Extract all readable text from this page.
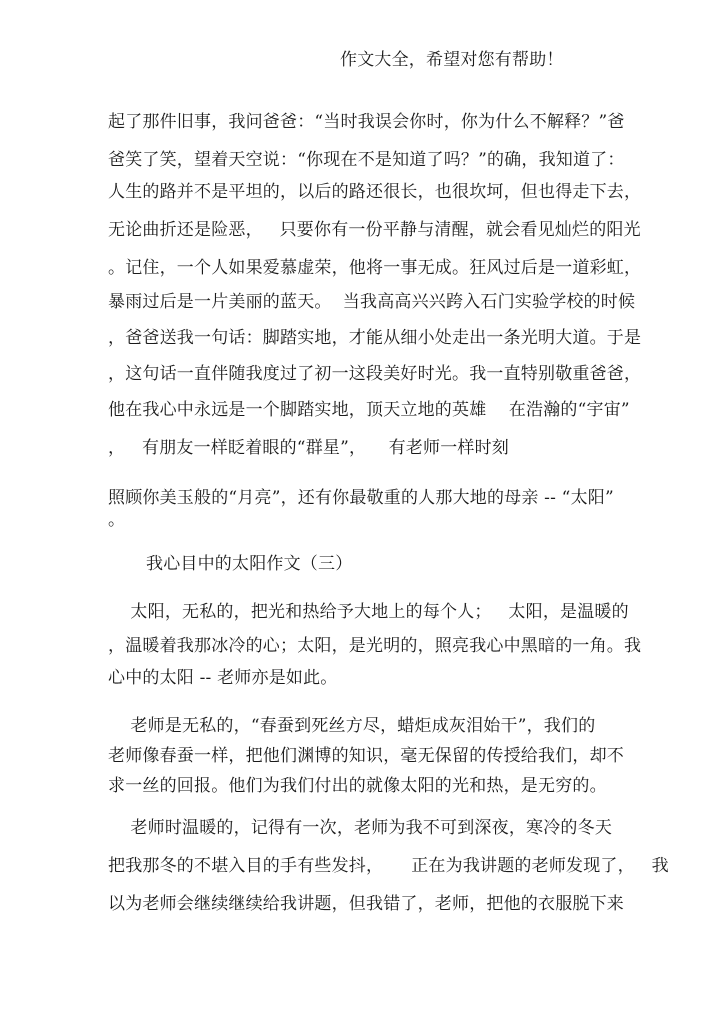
作文大全，希望对您有帮助！
起了那件旧事，我问爸爸：“当时我误会你时，你为什么不解释？”爸
爸笑了笑，望着天空说：“你现在不是知道了吗？”的确，我知道了：
人生的路并不是平坦的，以后的路还很长，也很坎坷，但也得走下去，
无论曲折还是险恶，   只要你有一份平静与清醒，就会看见灿烂的阳光
。记住，一个人如果爱慕虚荣，他将一事无成。狂风过后是一道彩虹，
暴雨过后是一片美丽的蓝天。  当我高高兴兴跨入石门实验学校的时候
，爸爸送我一句话：脚踏实地，才能从细小处走出一条光明大道。于是
，这句话一直伴随我度过了初一这段美好时光。我一直特别敬重爸爸，
他在我心中永远是一个脚踏实地，顶天立地的英雄    在浩瀚的“宇宙”
，   有朋友一样眨着眼的“群星”，    有老师一样时刻
照顾你美玉般的“月亮”，还有你最敬重的人那大地的母亲 -- “太阳”
。
我心目中的太阳作文（三）
太阳，无私的，把光和热给予大地上的每个人；   太阳，是温暖的
，温暖着我那冰冷的心；太阳，是光明的，照亮我心中黑暗的一角。我
心中的太阳 -- 老师亦是如此。
老师是无私的，“春蚕到死丝方尽，蜡炬成灰泪始干”，我们的
老师像春蚕一样，把他们渊博的知识，毫无保留的传授给我们，却不
求一丝的回报。他们为我们付出的就像太阳的光和热，是无穷的。
老师时温暖的，记得有一次，老师为我不可到深夜，寒冷的冬天
把我那冬的不堪入目的手有些发抖，     正在为我讲题的老师发现了，   我
以为老师会继续继续给我讲题，但我错了，老师，把他的衣服脱下来
